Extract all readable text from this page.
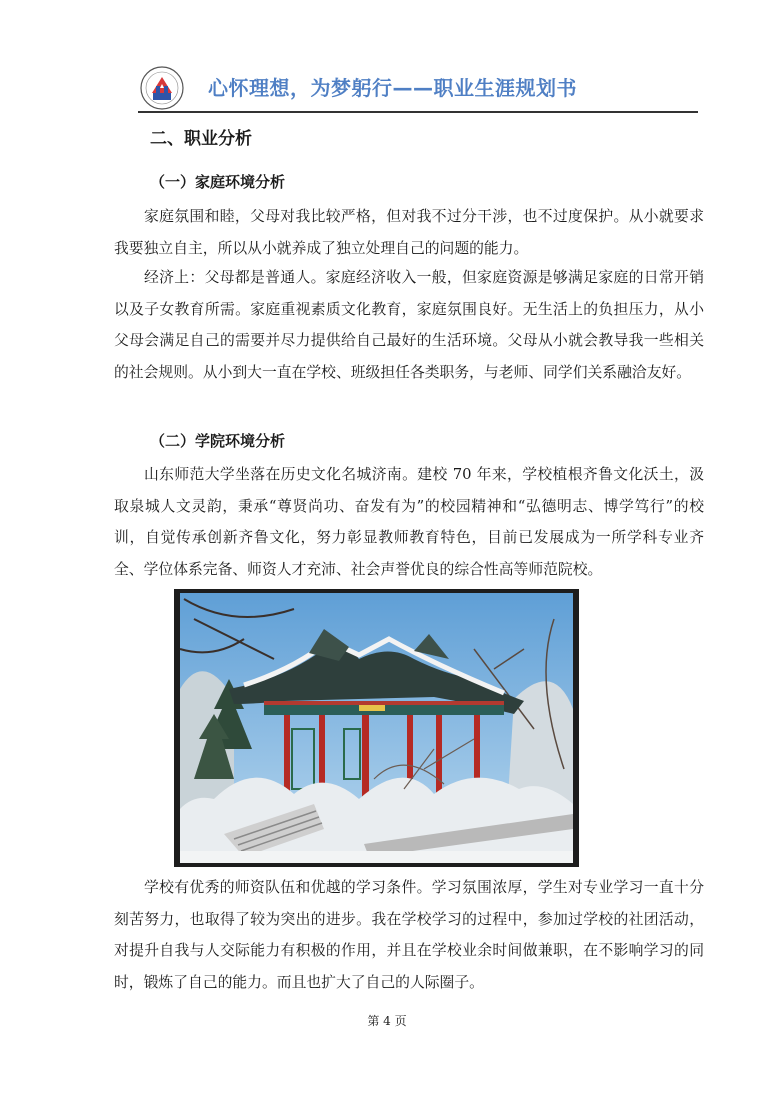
心怀理想，为梦躬行——职业生涯规划书
二、职业分析
（一）家庭环境分析
家庭氛围和睦，父母对我比较严格，但对我不过分干涉，也不过度保护。从小就要求我要独立自主，所以从小就养成了独立处理自己的问题的能力。
经济上：父母都是普通人。家庭经济收入一般，但家庭资源是够满足家庭的日常开销以及子女教育所需。家庭重视素质文化教育，家庭氛围良好。无生活上的负担压力，从小父母会满足自己的需要并尽力提供给自己最好的生活环境。父母从小就会教导我一些相关的社会规则。从小到大一直在学校、班级担任各类职务，与老师、同学们关系融洽友好。
（二）学院环境分析
山东师范大学坐落在历史文化名城济南。建校 70 年来，学校植根齐鲁文化沃土，汲取泉城人文灵韵，秉承“尊贤尚功、奋发有为”的校园精神和“弘德明志、博学笃行”的校训，自觉传承创新齐鲁文化，努力彰显教师教育特色，目前已发展成为一所学科专业齐全、学位体系完备、师资人才充沛、社会声誉优良的综合性高等师范院校。
学校有优秀的师资队伍和优越的学习条件。学习氛围浓厚，学生对专业学习一直十分刻苦努力，也取得了较为突出的进步。我在学校学习的过程中，参加过学校的社团活动，对提升自我与人交际能力有积极的作用，并且在学校业余时间做兼职，在不影响学习的同时，锻炼了自己的能力。而且也扩大了自己的人际圈子。
第 4 页
